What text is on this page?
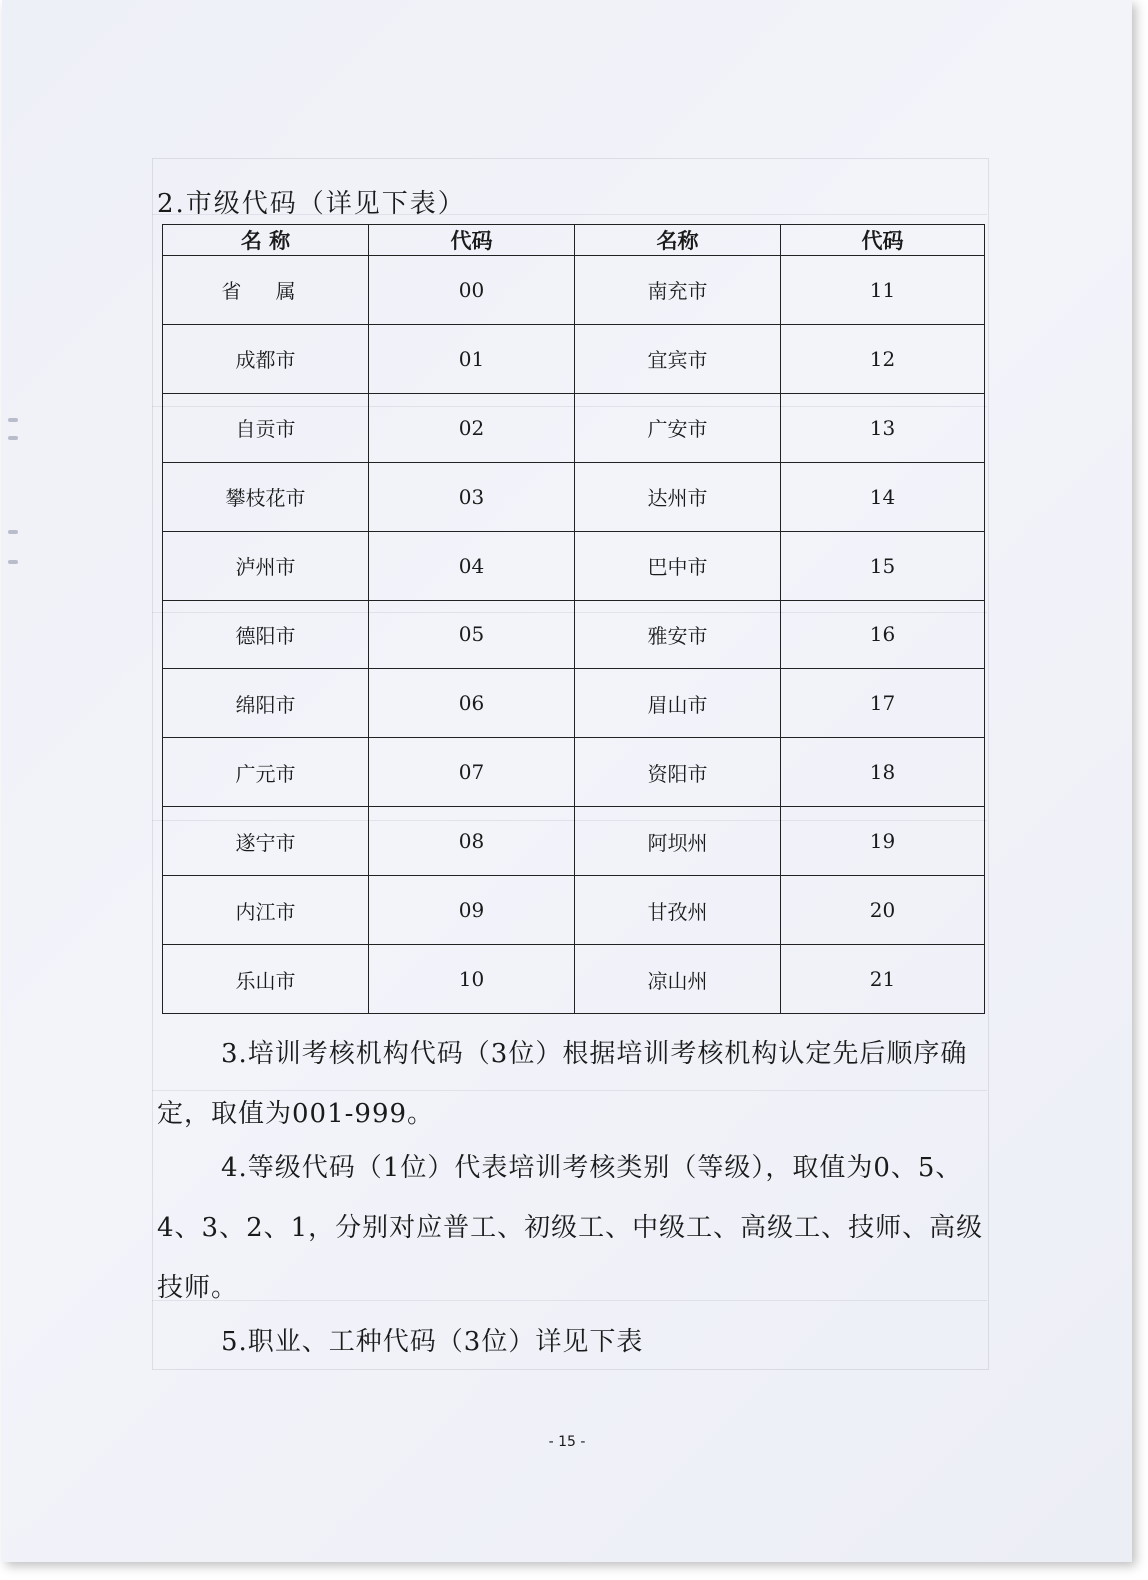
2.市级代码（详见下表）
名 称	代码	名称	代码
省 属	00	南充市	11
成都市	01	宜宾市	12
自贡市	02	广安市	13
攀枝花市	03	达州市	14
泸州市	04	巴中市	15
德阳市	05	雅安市	16
绵阳市	06	眉山市	17
广元市	07	资阳市	18
遂宁市	08	阿坝州	19
内江市	09	甘孜州	20
乐山市	10	凉山州	21
3.培训考核机构代码（3位）根据培训考核机构认定先后顺序确定，取值为001-999。
4.等级代码（1位）代表培训考核类别（等级），取值为0、5、4、3、2、1，分别对应普工、初级工、中级工、高级工、技师、高级技师。
5.职业、工种代码（3位）详见下表
- 15 -
